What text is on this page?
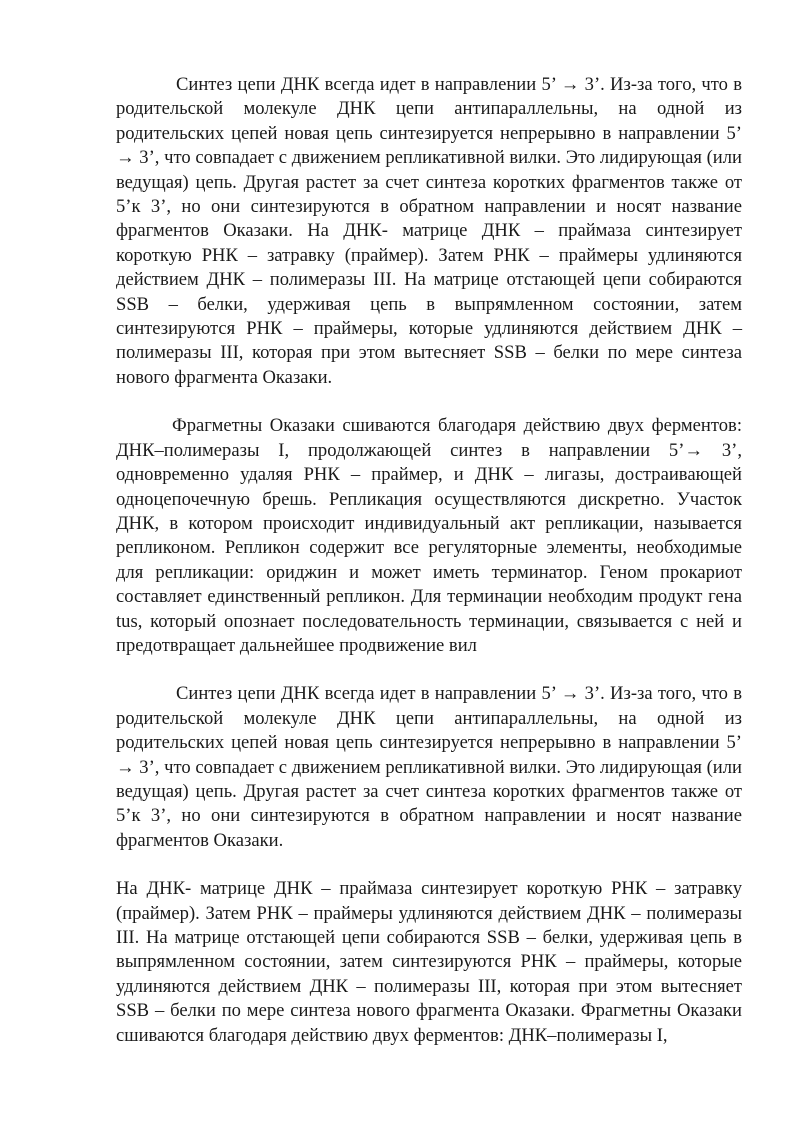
Синтез цепи ДНК всегда идет в направлении 5’ → 3’. Из-за того, что в родительской молекуле ДНК цепи антипараллельны, на одной из родительских цепей новая цепь синтезируется непрерывно в направлении 5’ → 3’, что совпадает с движением репликативной вилки. Это лидирующая (или ведущая) цепь. Другая растет за счет синтеза коротких фрагментов также от 5’к 3’, но они синтезируются в обратном направлении и носят название фрагментов Оказаки. На ДНК- матрице ДНК – праймаза синтезирует короткую РНК – затравку (праймер). Затем РНК – праймеры удлиняются действием ДНК – полимеразы III. На матрице отстающей цепи собираются SSB – белки, удерживая цепь в выпрямленном состоянии, затем синтезируются РНК – праймеры, которые удлиняются действием ДНК – полимеразы III, которая при этом вытесняет SSB – белки по мере синтеза нового фрагмента Оказаки.

Фрагметны Оказаки сшиваются благодаря действию двух ферментов: ДНК–полимеразы I, продолжающей синтез в направлении 5’→ 3’, одновременно удаляя РНК – праймер, и ДНК – лигазы, достраивающей одноцепочечную брешь. Репликация осуществляются дискретно. Участок ДНК, в котором происходит индивидуальный акт репликации, называется репликоном. Репликон содержит все регуляторные элементы, необходимые для репликации: ориджин и может иметь терминатор. Геном прокариот составляет единственный репликон. Для терминации необходим продукт гена tus, который опознает последовательность терминации, связывается с ней и предотвращает дальнейшее продвижение вил

Синтез цепи ДНК всегда идет в направлении 5’ → 3’. Из-за того, что в родительской молекуле ДНК цепи антипараллельны, на одной из родительских цепей новая цепь синтезируется непрерывно в направлении 5’ → 3’, что совпадает с движением репликативной вилки. Это лидирующая (или ведущая) цепь. Другая растет за счет синтеза коротких фрагментов также от 5’к 3’, но они синтезируются в обратном направлении и носят название фрагментов Оказаки.

На ДНК- матрице ДНК – праймаза синтезирует короткую РНК – затравку (праймер). Затем РНК – праймеры удлиняются действием ДНК – полимеразы III. На матрице отстающей цепи собираются SSB – белки, удерживая цепь в выпрямленном состоянии, затем синтезируются РНК – праймеры, которые удлиняются действием ДНК – полимеразы III, которая при этом вытесняет SSB – белки по мере синтеза нового фрагмента Оказаки. Фрагметны Оказаки сшиваются благодаря действию двух ферментов: ДНК–полимеразы I,
